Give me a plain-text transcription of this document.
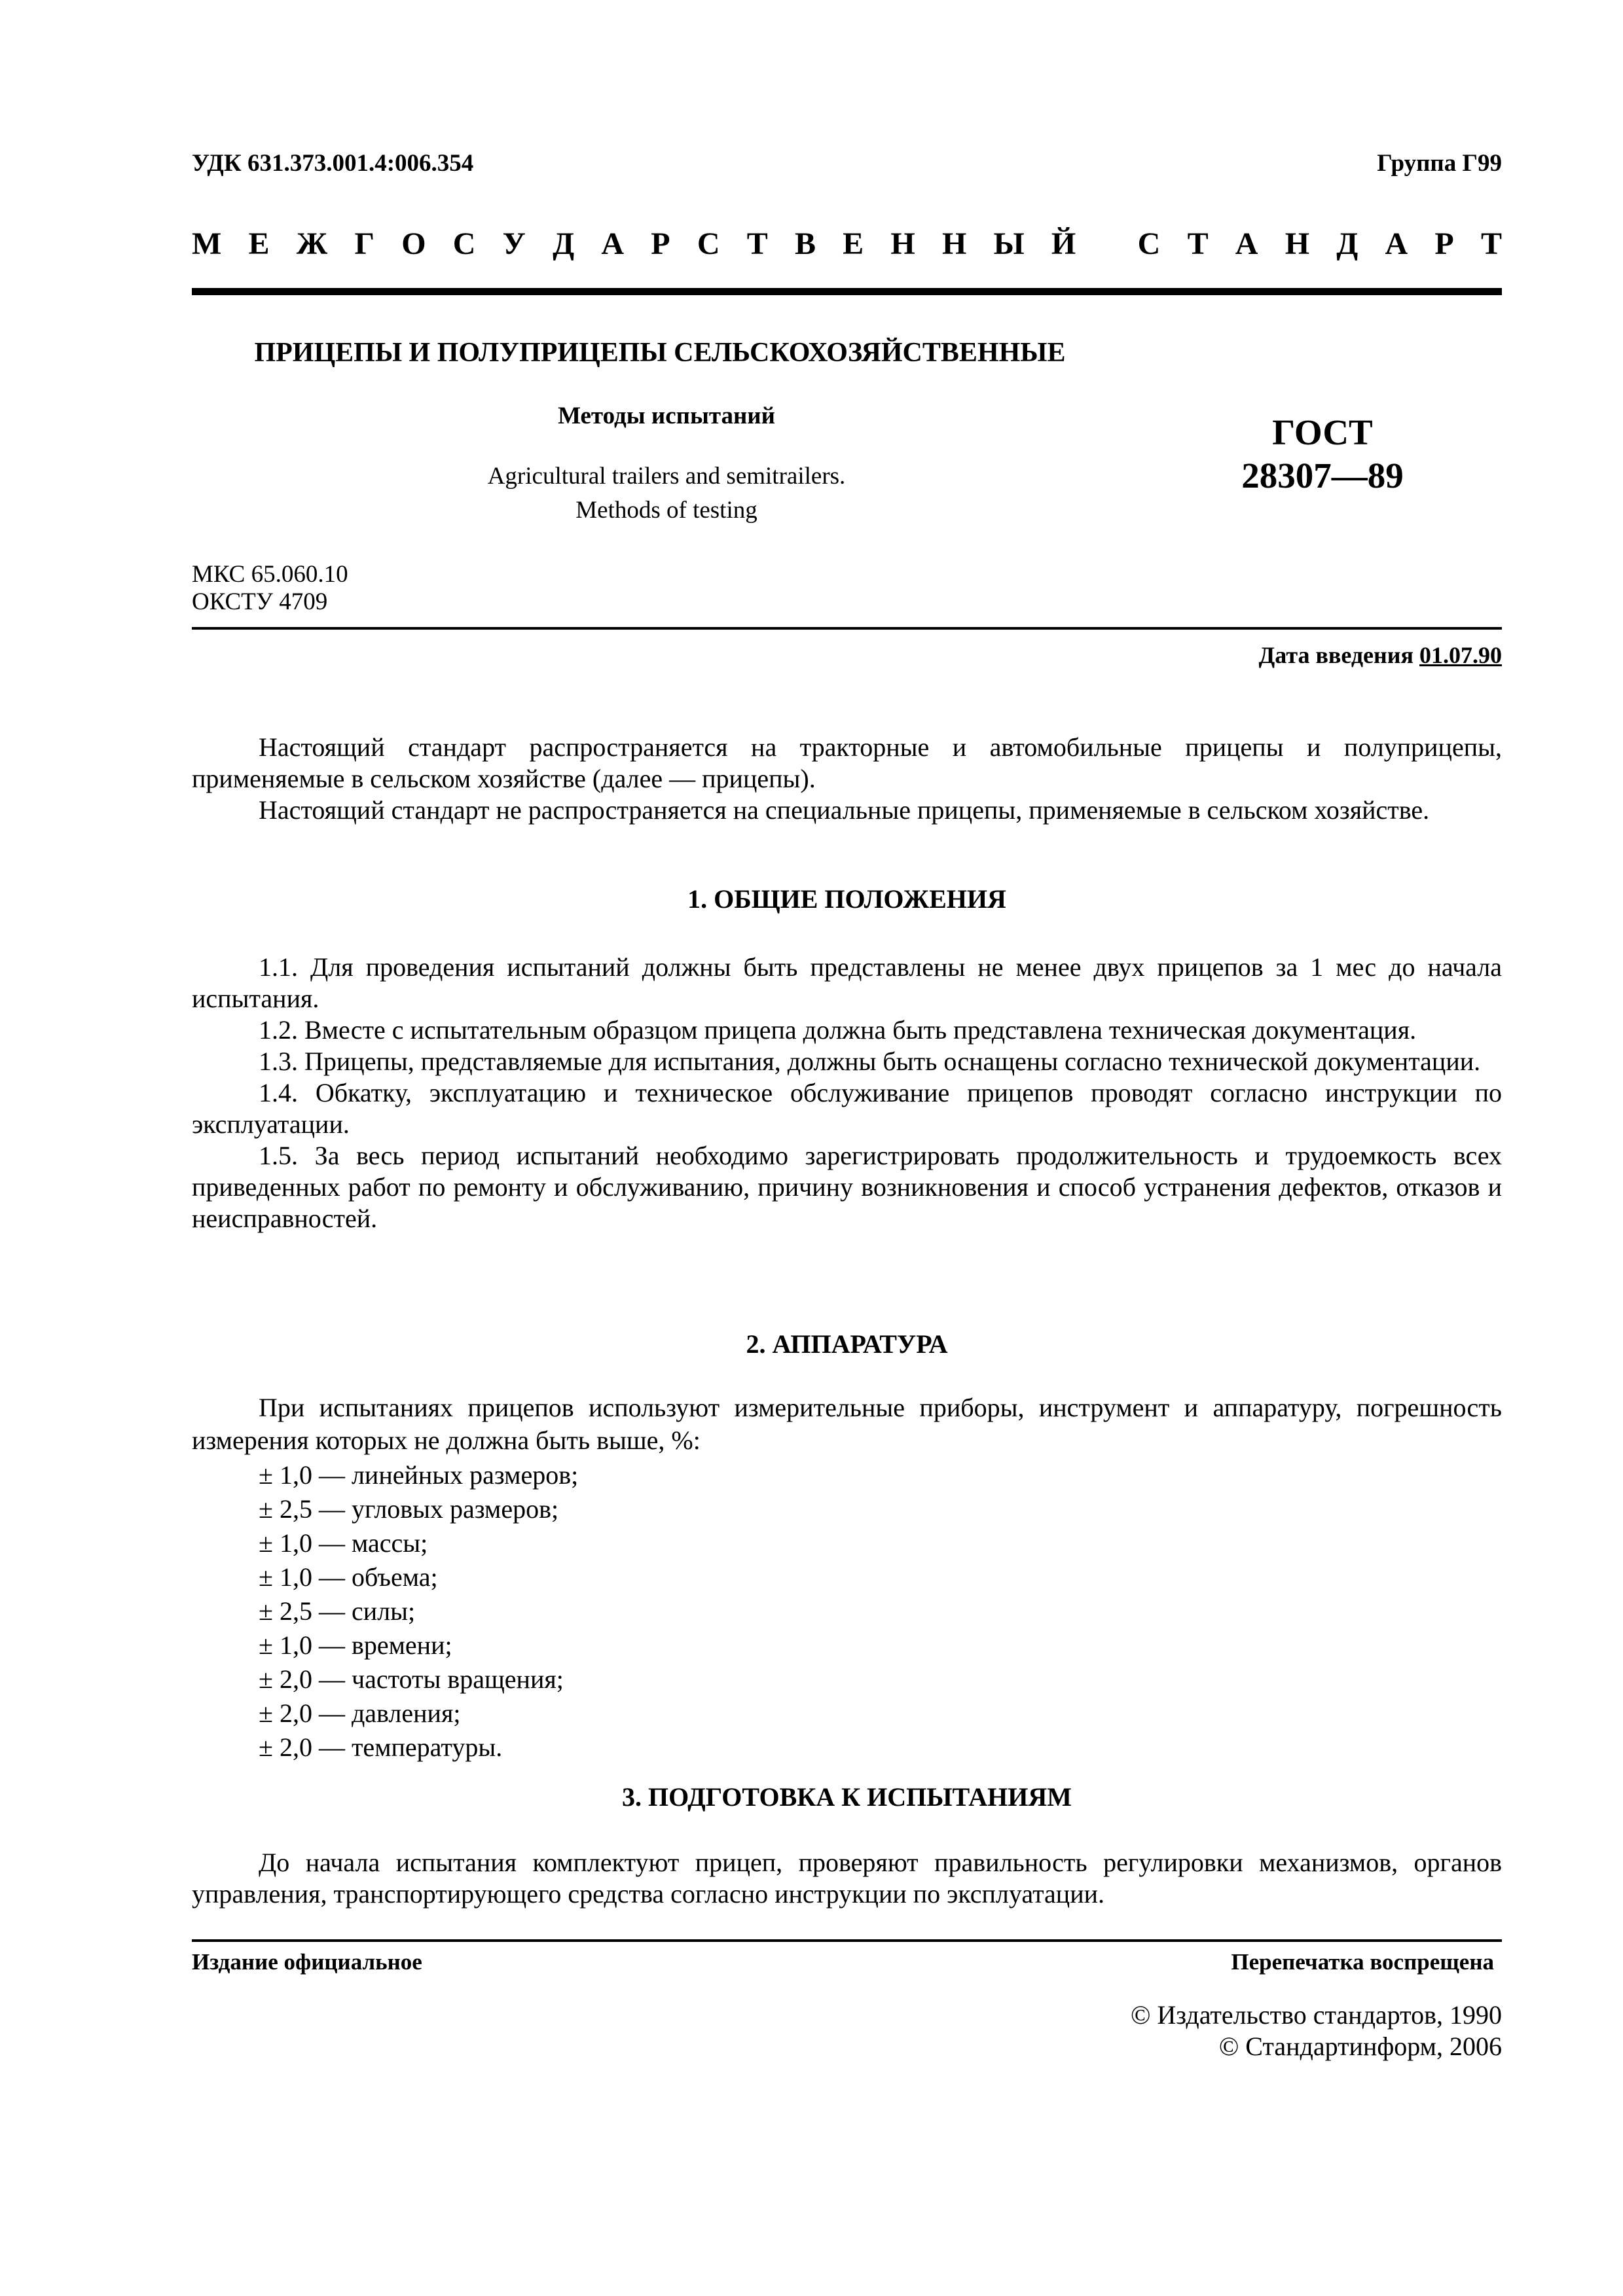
УДК 631.373.001.4:006.354	Группа Г99
М Е Ж Г О С У Д А Р С Т В Е Н Н Ы Й
С Т А Н Д А Р Т
ПРИЦЕПЫ И ПОЛУПРИЦЕПЫ СЕЛЬСКОХОЗЯЙСТВЕННЫЕ
Методы испытаний
Agricultural trailers and semitrailers.
Methods of testing
ГОСТ
28307—89
МКС 65.060.10
ОКСТУ 4709
Дата введения 01.07.90
Настоящий стандарт распространяется на тракторные и автомобильные прицепы и полуприцепы, применяемые в сельском хозяйстве (далее — прицепы).
Настоящий стандарт не распространяется на специальные прицепы, применяемые в сельском хозяйстве.
1. ОБЩИЕ ПОЛОЖЕНИЯ
1.1. Для проведения испытаний должны быть представлены не менее двух прицепов за 1 мес до начала испытания.
1.2. Вместе с испытательным образцом прицепа должна быть представлена техническая документация.
1.3. Прицепы, представляемые для испытания, должны быть оснащены согласно технической документации.
1.4. Обкатку, эксплуатацию и техническое обслуживание прицепов проводят согласно инструкции по эксплуатации.
1.5. За весь период испытаний необходимо зарегистрировать продолжительность и трудоемкость всех приведенных работ по ремонту и обслуживанию, причину возникновения и способ устранения дефектов, отказов и неисправностей.
2. АППАРАТУРА
При испытаниях прицепов используют измерительные приборы, инструмент и аппаратуру, погрешность измерения которых не должна быть выше, %:
± 1,0 — линейных размеров;
± 2,5 — угловых размеров;
± 1,0 — массы;
± 1,0 — объема;
± 2,5 — силы;
± 1,0 — времени;
± 2,0 — частоты вращения;
± 2,0 — давления;
± 2,0 — температуры.
3. ПОДГОТОВКА К ИСПЫТАНИЯМ
До начала испытания комплектуют прицеп, проверяют правильность регулировки механизмов, органов управления, транспортирующего средства согласно инструкции по эксплуатации.
Издание официальное	Перепечатка воспрещена
© Издательство стандартов, 1990
© Стандартинформ, 2006
